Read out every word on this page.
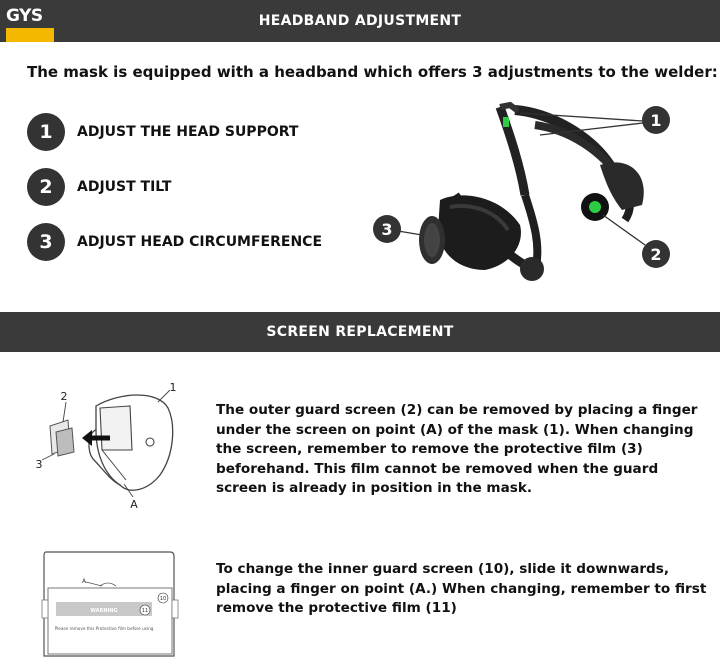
HEADBAND ADJUSTMENT
GYS
The mask is equipped with a headband which offers 3 adjustments to the welder:
1	ADJUST THE HEAD SUPPORT
2	ADJUST TILT
3	ADJUST HEAD CIRCUMFERENCE
1
2
3
SCREEN REPLACEMENT
2
1
3
A
The outer guard screen (2) can be removed by placing a finger under the screen on point (A) of the mask (1). When changing the screen, remember to remove the protective film (3) beforehand. This film cannot be removed when the guard screen is already in position in the mask.
A
10
11
WARNING
Please remove this Protective film before using
To change the inner guard screen (10), slide it downwards, placing a finger on point (A.) When changing, remember to first remove the protective film (11)
